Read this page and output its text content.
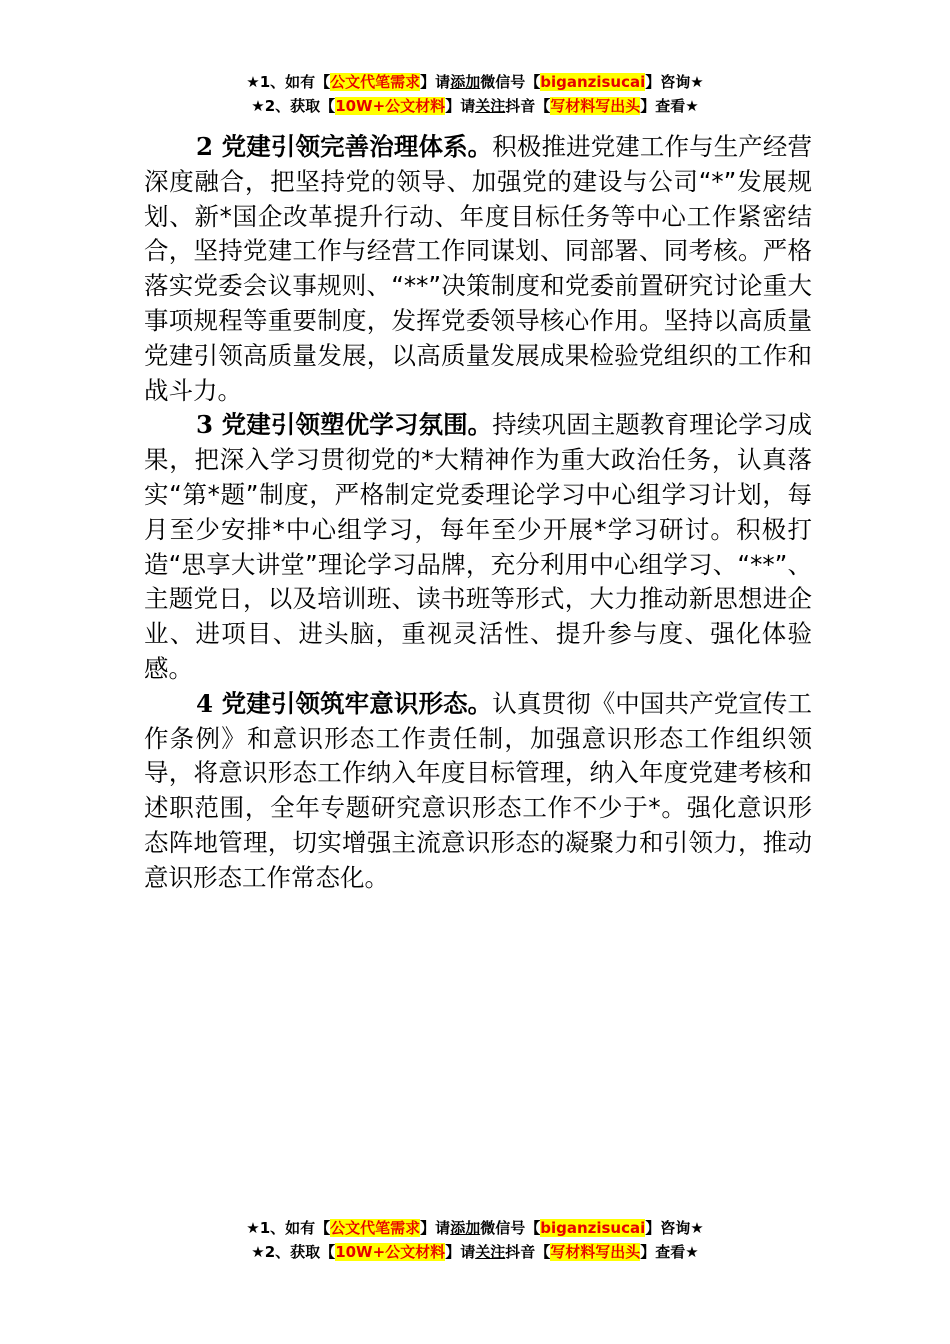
★1、如有【公文代笔需求】请添加微信号【biganzisucai】咨询★
★2、获取【10W+公文材料】请关注抖音【写材料写出头】查看★

2 党建引领完善治理体系。积极推进党建工作与生产经营深度融合，把坚持党的领导、加强党的建设与公司“*”发展规划、新*国企改革提升行动、年度目标任务等中心工作紧密结合，坚持党建工作与经营工作同谋划、同部署、同考核。严格落实党委会议事规则、“**”决策制度和党委前置研究讨论重大事项规程等重要制度，发挥党委领导核心作用。坚持以高质量党建引领高质量发展，以高质量发展成果检验党组织的工作和战斗力。

3 党建引领塑优学习氛围。持续巩固主题教育理论学习成果，把深入学习贯彻党的*大精神作为重大政治任务，认真落实“第*题”制度，严格制定党委理论学习中心组学习计划，每月至少安排*中心组学习，每年至少开展*学习研讨。积极打造“思享大讲堂”理论学习品牌，充分利用中心组学习、“**”、主题党日，以及培训班、读书班等形式，大力推动新思想进企业、进项目、进头脑，重视灵活性、提升参与度、强化体验感。

4 党建引领筑牢意识形态。认真贯彻《中国共产党宣传工作条例》和意识形态工作责任制，加强意识形态工作组织领导，将意识形态工作纳入年度目标管理，纳入年度党建考核和述职范围，全年专题研究意识形态工作不少于*。强化意识形态阵地管理，切实增强主流意识形态的凝聚力和引领力，推动意识形态工作常态化。

★1、如有【公文代笔需求】请添加微信号【biganzisucai】咨询★
★2、获取【10W+公文材料】请关注抖音【写材料写出头】查看★
